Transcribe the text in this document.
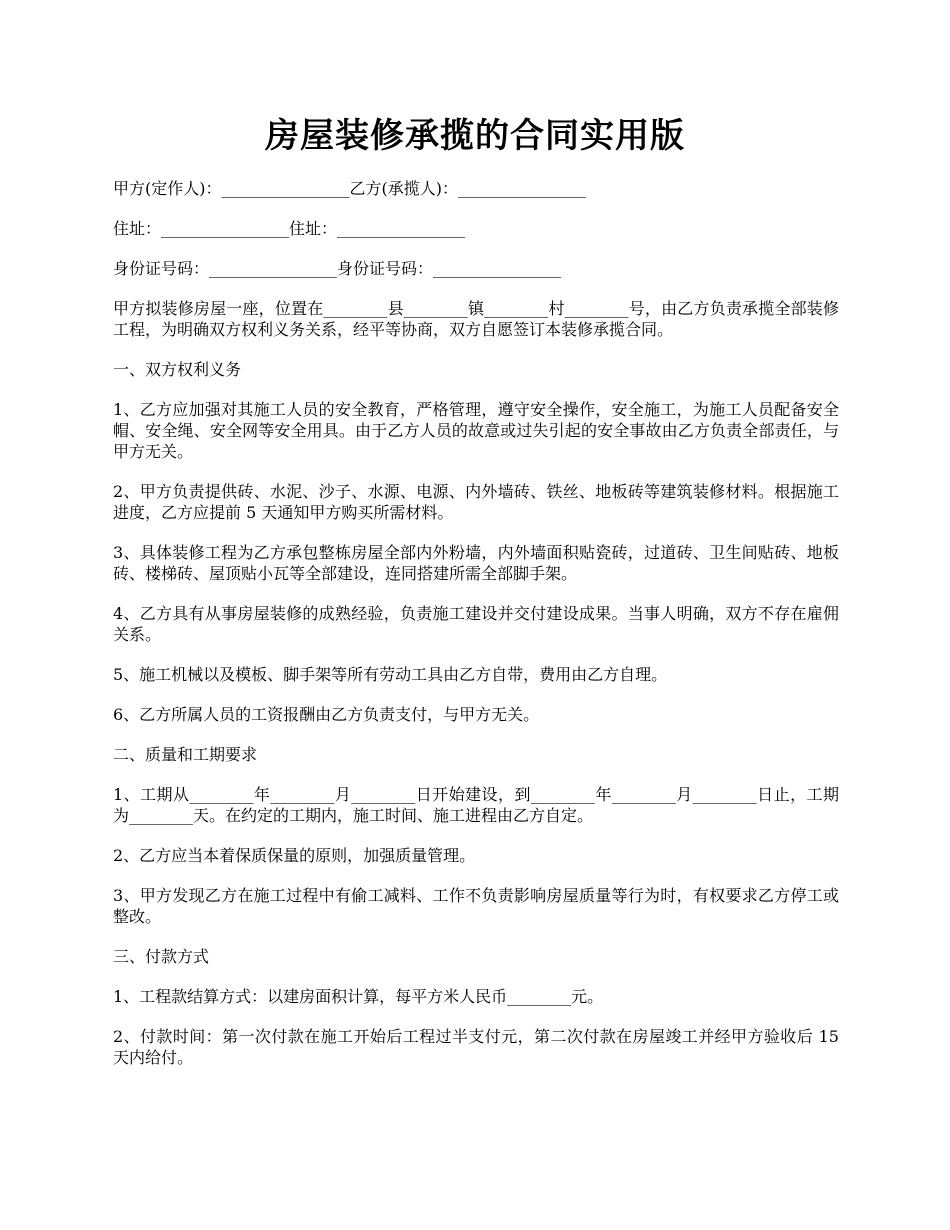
房屋装修承揽的合同实用版

甲方(定作人)：________________乙方(承揽人)：________________

住址：________________住址：________________

身份证号码：________________身份证号码：________________

甲方拟装修房屋一座，位置在________县________镇________村________号，由乙方负责承揽全部装修工程，为明确双方权利义务关系，经平等协商，双方自愿签订本装修承揽合同。

一、双方权利义务

1、乙方应加强对其施工人员的安全教育，严格管理，遵守安全操作，安全施工，为施工人员配备安全帽、安全绳、安全网等安全用具。由于乙方人员的故意或过失引起的安全事故由乙方负责全部责任，与甲方无关。

2、甲方负责提供砖、水泥、沙子、水源、电源、内外墙砖、铁丝、地板砖等建筑装修材料。根据施工进度，乙方应提前 5 天通知甲方购买所需材料。

3、具体装修工程为乙方承包整栋房屋全部内外粉墙，内外墙面积贴瓷砖，过道砖、卫生间贴砖、地板砖、楼梯砖、屋顶贴小瓦等全部建设，连同搭建所需全部脚手架。

4、乙方具有从事房屋装修的成熟经验，负责施工建设并交付建设成果。当事人明确，双方不存在雇佣关系。

5、施工机械以及模板、脚手架等所有劳动工具由乙方自带，费用由乙方自理。

6、乙方所属人员的工资报酬由乙方负责支付，与甲方无关。

二、质量和工期要求

1、工期从________年________月________日开始建设，到________年________月________日止，工期为________天。在约定的工期内，施工时间、施工进程由乙方自定。

2、乙方应当本着保质保量的原则，加强质量管理。

3、甲方发现乙方在施工过程中有偷工减料、工作不负责影响房屋质量等行为时，有权要求乙方停工或整改。

三、付款方式

1、工程款结算方式：以建房面积计算，每平方米人民币________元。

2、付款时间：第一次付款在施工开始后工程过半支付元，第二次付款在房屋竣工并经甲方验收后 15 天内给付。
